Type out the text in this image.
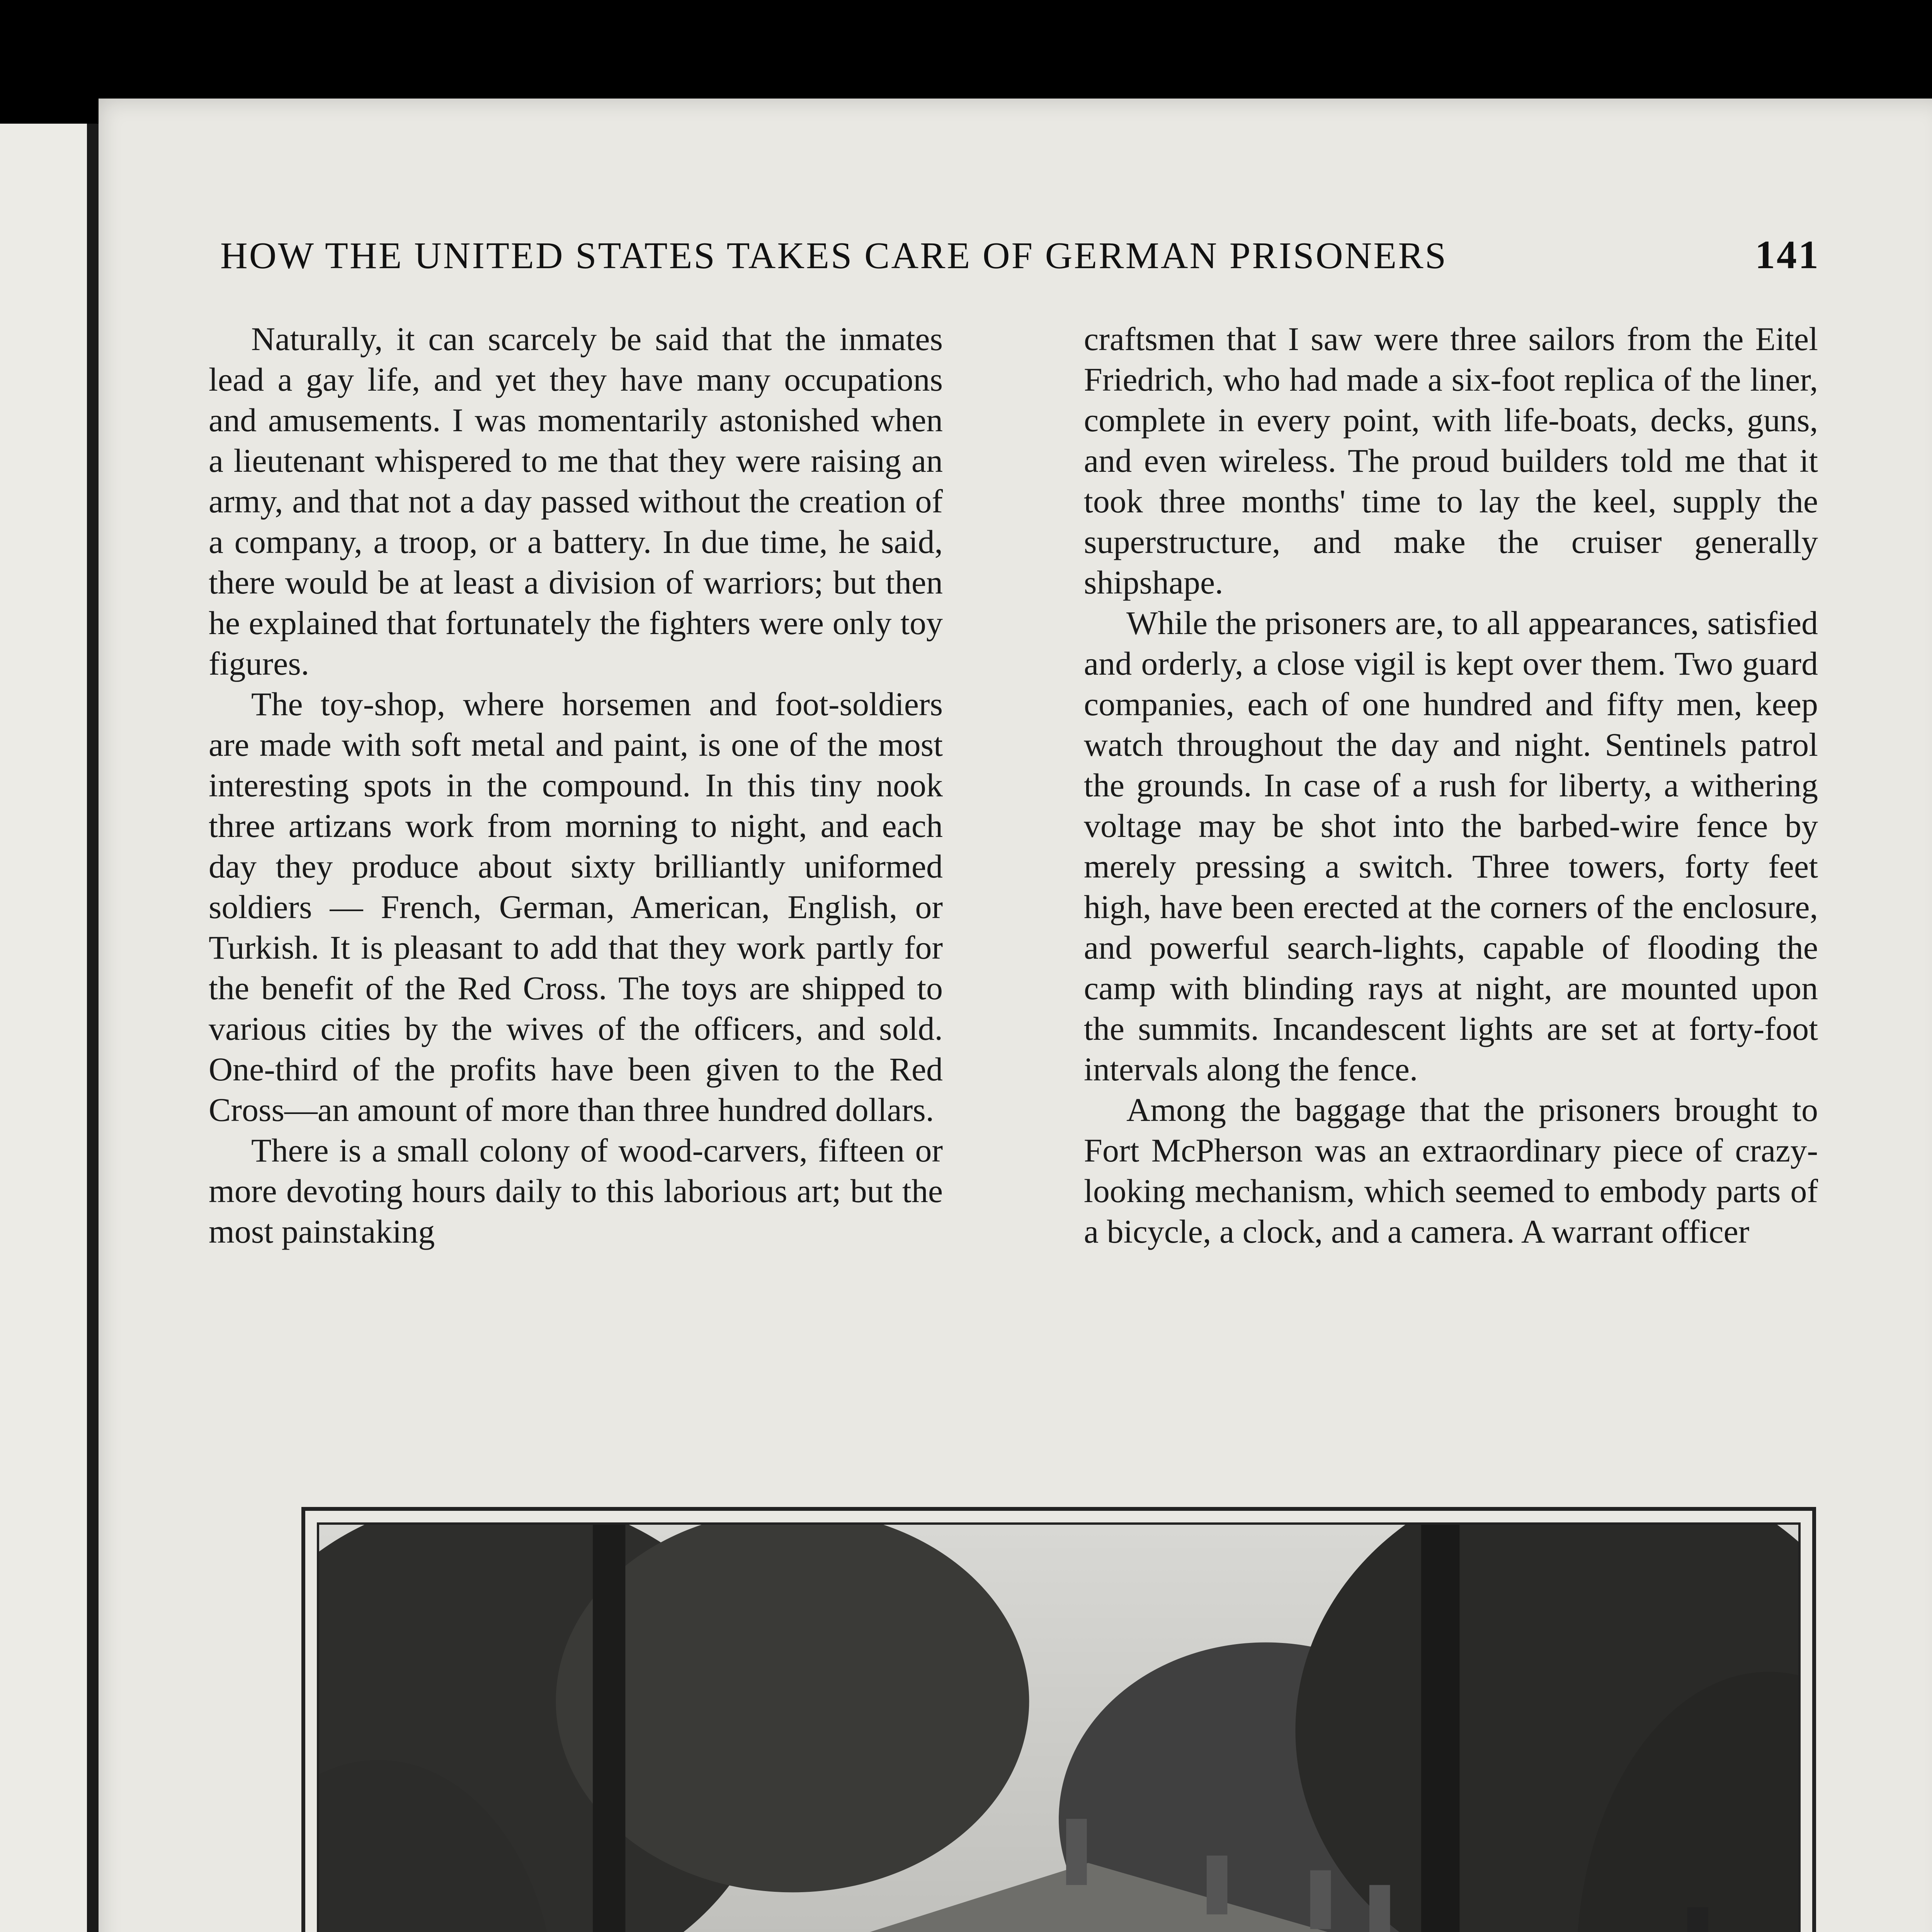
HOW THE UNITED STATES TAKES CARE OF GERMAN PRISONERS	141

Naturally, it can scarcely be said that the inmates lead a gay life, and yet they have many occupations and amusements. I was momentarily astonished when a lieutenant whispered to me that they were raising an army, and that not a day passed without the creation of a company, a troop, or a battery. In due time, he said, there would be at least a division of warriors; but then he explained that fortunately the fighters were only toy figures.

The toy-shop, where horsemen and foot-soldiers are made with soft metal and paint, is one of the most interesting spots in the compound. In this tiny nook three artizans work from morning to night, and each day they produce about sixty brilliantly uniformed soldiers — French, German, American, English, or Turkish. It is pleasant to add that they work partly for the benefit of the Red Cross. The toys are shipped to various cities by the wives of the officers, and sold. One-third of the profits have been given to the Red Cross—an amount of more than three hundred dollars.

There is a small colony of wood-carvers, fifteen or more devoting hours daily to this laborious art; but the most painstaking

craftsmen that I saw were three sailors from the Eitel Friedrich, who had made a six-foot replica of the liner, complete in every point, with life-boats, decks, guns, and even wireless. The proud builders told me that it took three months' time to lay the keel, supply the superstructure, and make the cruiser generally shipshape.

While the prisoners are, to all appearances, satisfied and orderly, a close vigil is kept over them. Two guard companies, each of one hundred and fifty men, keep watch throughout the day and night. Sentinels patrol the grounds. In case of a rush for liberty, a withering voltage may be shot into the barbed-wire fence by merely pressing a switch. Three towers, forty feet high, have been erected at the corners of the enclosure, and powerful search-lights, capable of flooding the camp with blinding rays at night, are mounted upon the summits. Incandescent lights are set at forty-foot intervals along the fence.

Among the baggage that the prisoners brought to Fort McPherson was an extraordinary piece of crazy-looking mechanism, which seemed to embody parts of a bicycle, a clock, and a camera. A warrant officer
